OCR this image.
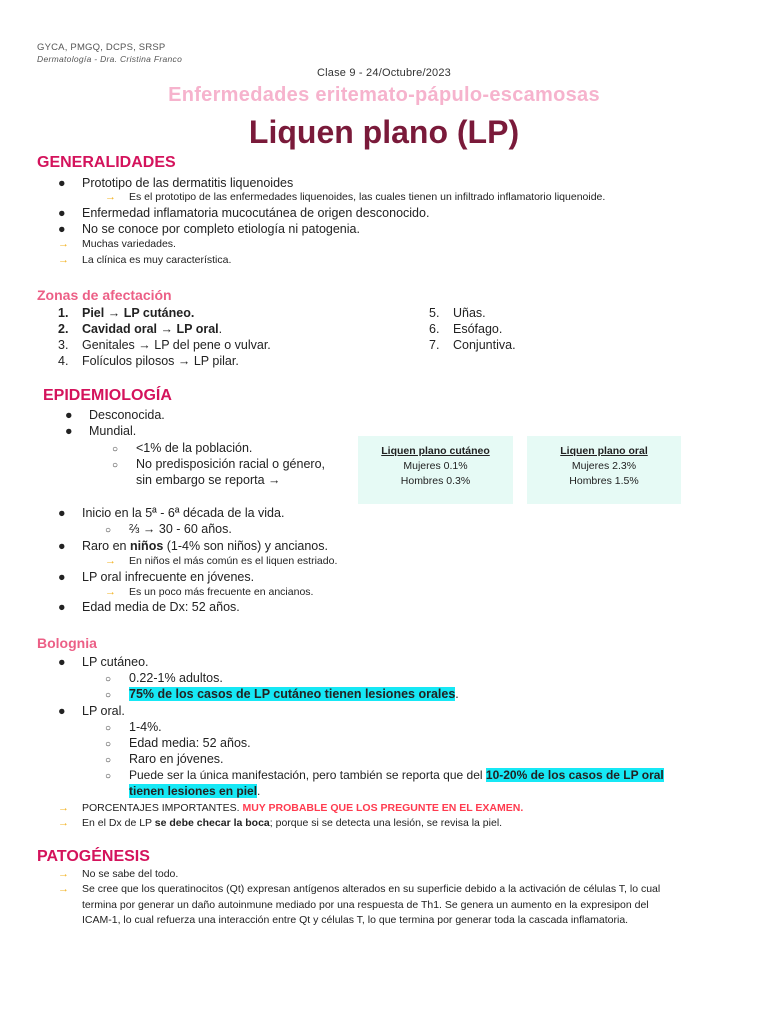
GYCA, PMGQ, DCPS, SRSP
Dermatología - Dra. Cristina Franco
Clase 9 - 24/Octubre/2023
Enfermedades eritemato-pápulo-escamosas
Liquen plano (LP)
GENERALIDADES
● Prototipo de las dermatitis liquenoides
→ Es el prototipo de las enfermedades liquenoides, las cuales tienen un infiltrado inflamatorio liquenoide.
● Enfermedad inflamatoria mucocutánea de origen desconocido.
● No se conoce por completo etiología ni patogenia.
→ Muchas variedades.
→ La clínica es muy característica.
Zonas de afectación
1. Piel → LP cutáneo.
2. Cavidad oral → LP oral.
3. Genitales → LP del pene o vulvar.
4. Folículos pilosos → LP pilar.
5. Uñas.
6. Esófago.
7. Conjuntiva.
EPIDEMIOLOGÍA
● Desconocida.
● Mundial.
○ <1% de la población.
○ No predisposición racial o género,
sin embargo se reporta →
Liquen plano cutáneo
Mujeres 0.1%
Hombres 0.3%
Liquen plano oral
Mujeres 2.3%
Hombres 1.5%
● Inicio en la 5ª - 6ª década de la vida.
○ ⅔ → 30 - 60 años.
● Raro en niños (1-4% son niños) y ancianos.
→ En niños el más común es el liquen estriado.
● LP oral infrecuente en jóvenes.
→ Es un poco más frecuente en ancianos.
● Edad media de Dx: 52 años.
Bolognia
● LP cutáneo.
○ 0.22-1% adultos.
○ 75% de los casos de LP cutáneo tienen lesiones orales.
● LP oral.
○ 1-4%.
○ Edad media: 52 años.
○ Raro en jóvenes.
○ Puede ser la única manifestación, pero también se reporta que del 10-20% de los casos de LP oral
tienen lesiones en piel.
→ PORCENTAJES IMPORTANTES. MUY PROBABLE QUE LOS PREGUNTE EN EL EXAMEN.
→ En el Dx de LP se debe checar la boca; porque si se detecta una lesión, se revisa la piel.
PATOGÉNESIS
→ No se sabe del todo.
→ Se cree que los queratinocitos (Qt) expresan antígenos alterados en su superficie debido a la activación de células T, lo cual
termina por generar un daño autoinmune mediado por una respuesta de Th1. Se genera un aumento en la expresipon del
ICAM-1, lo cual refuerza una interacción entre Qt y células T, lo que termina por generar toda la cascada inflamatoria.
